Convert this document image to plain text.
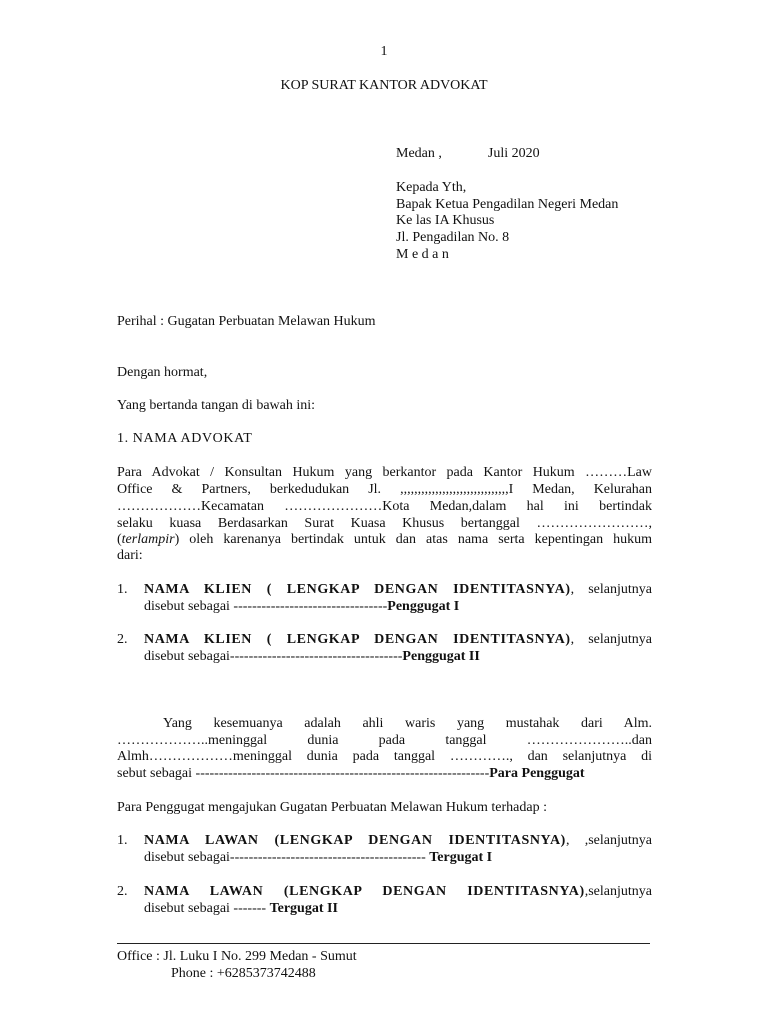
1
KOP SURAT KANTOR ADVOKAT
Medan ,	Juli 2020
Kepada Yth,
Bapak Ketua Pengadilan Negeri Medan
Ke las IA Khusus
Jl. Pengadilan No. 8
M e d a n
Perihal : Gugatan Perbuatan Melawan Hukum
Dengan hormat,
Yang bertanda tangan di bawah ini:
1. NAMA ADVOKAT
Para Advokat / Konsultan Hukum yang berkantor pada Kantor Hukum ………Law
Office & Partners, berkedudukan Jl. ,,,,,,,,,,,,,,,,,,,,,,,,,,,,,,,I Medan, Kelurahan
………………Kecamatan …………………Kota Medan,dalam hal ini bertindak
selaku kuasa Berdasarkan Surat Kuasa Khusus bertanggal ……………………,
(terlampir) oleh karenanya bertindak untuk dan atas nama serta kepentingan hukum
dari:
1. NAMA KLIEN ( LENGKAP DENGAN IDENTITASNYA), selanjutnya
disebut sebagai ---------------------------------Penggugat I
2. NAMA KLIEN ( LENGKAP DENGAN IDENTITASNYA), selanjutnya
disebut sebagai-------------------------------------Penggugat II
Yang kesemuanya adalah ahli waris yang mustahak dari Alm.
………………..meninggal dunia pada tanggal …………………..dan
Almh………………meninggal dunia pada tanggal …………., dan selanjutnya di
sebut sebagai ---------------------------------------------------------------Para Penggugat
Para Penggugat mengajukan Gugatan Perbuatan Melawan Hukum terhadap :
1. NAMA LAWAN (LENGKAP DENGAN IDENTITASNYA), ,selanjutnya
disebut sebagai------------------------------------------ Tergugat I
2. NAMA LAWAN (LENGKAP DENGAN IDENTITASNYA),selanjutnya
disebut sebagai ------- Tergugat II
Office : Jl. Luku I No. 299 Medan - Sumut
Phone : +6285373742488
